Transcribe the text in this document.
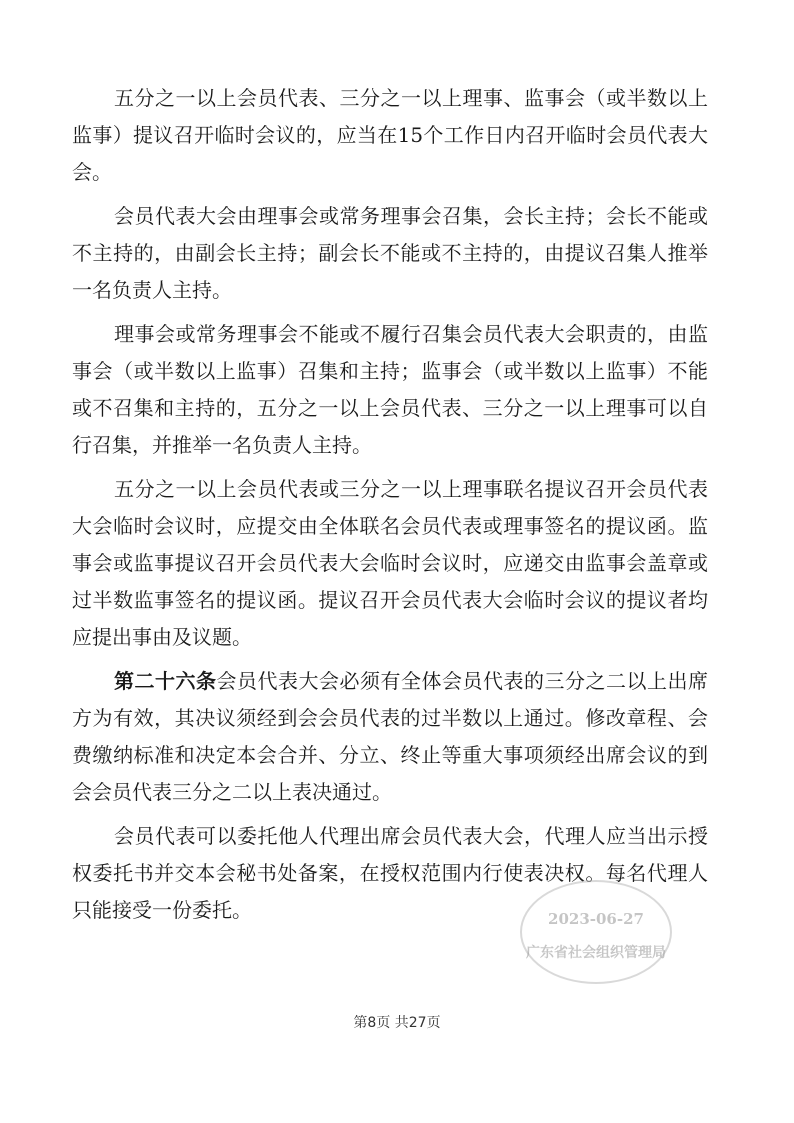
五分之一以上会员代表、三分之一以上理事、监事会（或半数以上监事）提议召开临时会议的，应当在15个工作日内召开临时会员代表大会。

会员代表大会由理事会或常务理事会召集，会长主持；会长不能或不主持的，由副会长主持；副会长不能或不主持的，由提议召集人推举一名负责人主持。

理事会或常务理事会不能或不履行召集会员代表大会职责的，由监事会（或半数以上监事）召集和主持；监事会（或半数以上监事）不能或不召集和主持的，五分之一以上会员代表、三分之一以上理事可以自行召集，并推举一名负责人主持。

五分之一以上会员代表或三分之一以上理事联名提议召开会员代表大会临时会议时，应提交由全体联名会员代表或理事签名的提议函。监事会或监事提议召开会员代表大会临时会议时，应递交由监事会盖章或过半数监事签名的提议函。提议召开会员代表大会临时会议的提议者均应提出事由及议题。

第二十六条会员代表大会必须有全体会员代表的三分之二以上出席方为有效，其决议须经到会会员代表的过半数以上通过。修改章程、会费缴纳标准和决定本会合并、分立、终止等重大事项须经出席会议的到会会员代表三分之二以上表决通过。

会员代表可以委托他人代理出席会员代表大会，代理人应当出示授权委托书并交本会秘书处备案，在授权范围内行使表决权。每名代理人只能接受一份委托。	2023-06-27
广东省社会组织管理局
第8页 共27页
